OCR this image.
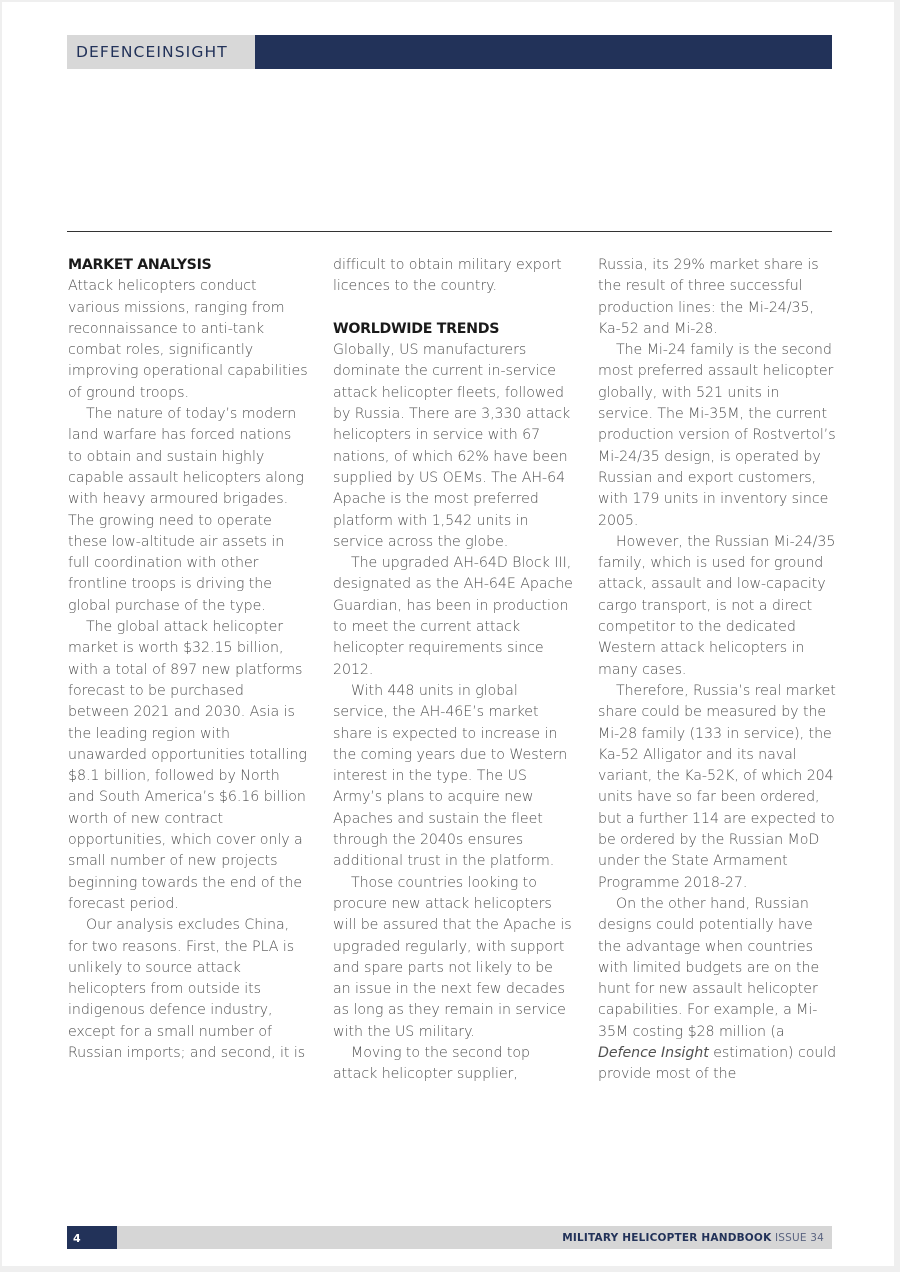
DEFENCE INSIGHT
MARKET ANALYSIS

Attack helicopters conduct various missions, ranging from reconnaissance to anti-tank combat roles, significantly improving operational capabilities of ground troops.

The nature of today’s modern land warfare has forced nations to obtain and sustain highly capable assault helicopters along with heavy armoured brigades. The growing need to operate these low-altitude air assets in full coordination with other frontline troops is driving the global purchase of the type.

The global attack helicopter market is worth $32.15 billion, with a total of 897 new platforms forecast to be purchased between 2021 and 2030. Asia is the leading region with unawarded opportunities totalling $8.1 billion, followed by North and South America’s $6.16 billion worth of new contract opportunities, which cover only a small number of new projects beginning towards the end of the forecast period.

Our analysis excludes China, for two reasons. First, the PLA is unlikely to source attack helicopters from outside its indigenous defence industry, except for a small number of Russian imports; and second, it is

difficult to obtain military export licences to the country.

WORLDWIDE TRENDS

Globally, US manufacturers dominate the current in-service attack helicopter fleets, followed by Russia. There are 3,330 attack helicopters in service with 67 nations, of which 62% have been supplied by US OEMs. The AH-64 Apache is the most preferred platform with 1,542 units in service across the globe.

The upgraded AH-64D Block III, designated as the AH-64E Apache Guardian, has been in production to meet the current attack helicopter requirements since 2012.

With 448 units in global service, the AH-46E’s market share is expected to increase in the coming years due to Western interest in the type. The US Army’s plans to acquire new Apaches and sustain the fleet through the 2040s ensures additional trust in the platform.

Those countries looking to procure new attack helicopters will be assured that the Apache is upgraded regularly, with support and spare parts not likely to be an issue in the next few decades as long as they remain in service with the US military.

Moving to the second top attack helicopter supplier,

Russia, its 29% market share is the result of three successful production lines: the Mi-24/35, Ka-52 and Mi-28.

The Mi-24 family is the second most preferred assault helicopter globally, with 521 units in service. The Mi-35M, the current production version of Rostvertol’s Mi-24/35 design, is operated by Russian and export customers, with 179 units in inventory since 2005.

However, the Russian Mi-24/35 family, which is used for ground attack, assault and low-capacity cargo transport, is not a direct competitor to the dedicated Western attack helicopters in many cases.

Therefore, Russia’s real market share could be measured by the Mi-28 family (133 in service), the Ka-52 Alligator and its naval variant, the Ka-52K, of which 204 units have so far been ordered, but a further 114 are expected to be ordered by the Russian MoD under the State Armament Programme 2018-27.

On the other hand, Russian designs could potentially have the advantage when countries with limited budgets are on the hunt for new assault helicopter capabilities. For example, a Mi-35M costing $28 million (a Defence Insight estimation) could provide most of the

4	MILITARY HELICOPTER HANDBOOK ISSUE 34
